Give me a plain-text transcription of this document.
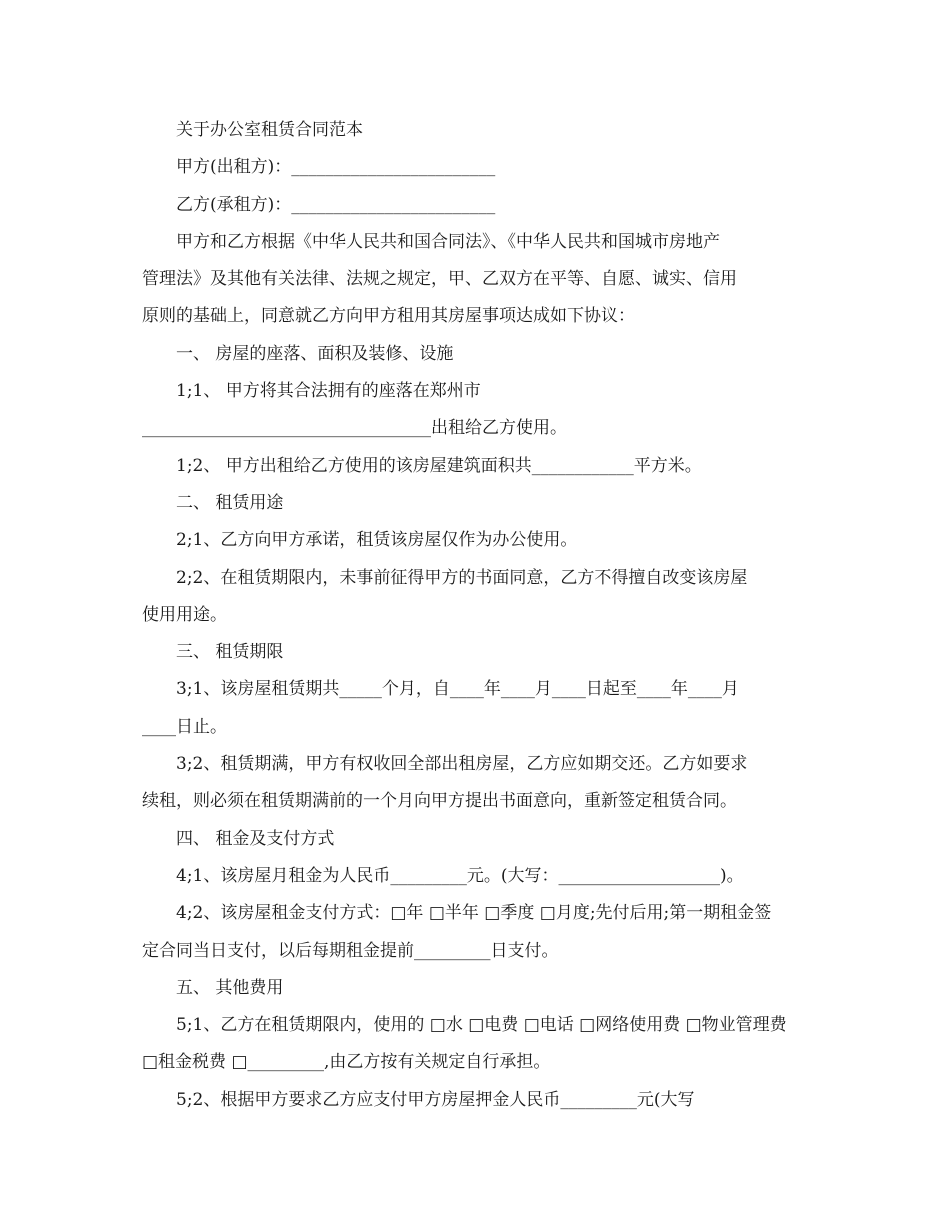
关于办公室租赁合同范本
甲方(出租方)：________________________
乙方(承租方)：________________________
甲方和乙方根据《中华人民共和国合同法》、《中华人民共和国城市房地产
管理法》及其他有关法律、法规之规定，甲、乙双方在平等、自愿、诚实、信用
原则的基础上，同意就乙方向甲方租用其房屋事项达成如下协议：
一、 房屋的座落、面积及装修、设施
1;1、 甲方将其合法拥有的座落在郑州市
__________________________________出租给乙方使用。
1;2、 甲方出租给乙方使用的该房屋建筑面积共____________平方米。
二、 租赁用途
2;1、乙方向甲方承诺，租赁该房屋仅作为办公使用。
2;2、在租赁期限内，未事前征得甲方的书面同意，乙方不得擅自改变该房屋
使用用途。
三、 租赁期限
3;1、该房屋租赁期共_____个月，自____年____月____日起至____年____月
____日止。
3;2、租赁期满，甲方有权收回全部出租房屋，乙方应如期交还。乙方如要求
续租，则必须在租赁期满前的一个月向甲方提出书面意向，重新签定租赁合同。
四、 租金及支付方式
4;1、该房屋月租金为人民币_________元。(大写：___________________)。
4;2、该房屋租金支付方式：□年 □半年 □季度 □月度;先付后用;第一期租金签
定合同当日支付，以后每期租金提前_________日支付。
五、 其他费用
5;1、乙方在租赁期限内，使用的 □水 □电费 □电话 □网络使用费 □物业管理费
□租金税费 □_________,由乙方按有关规定自行承担。
5;2、根据甲方要求乙方应支付甲方房屋押金人民币_________元(大写
